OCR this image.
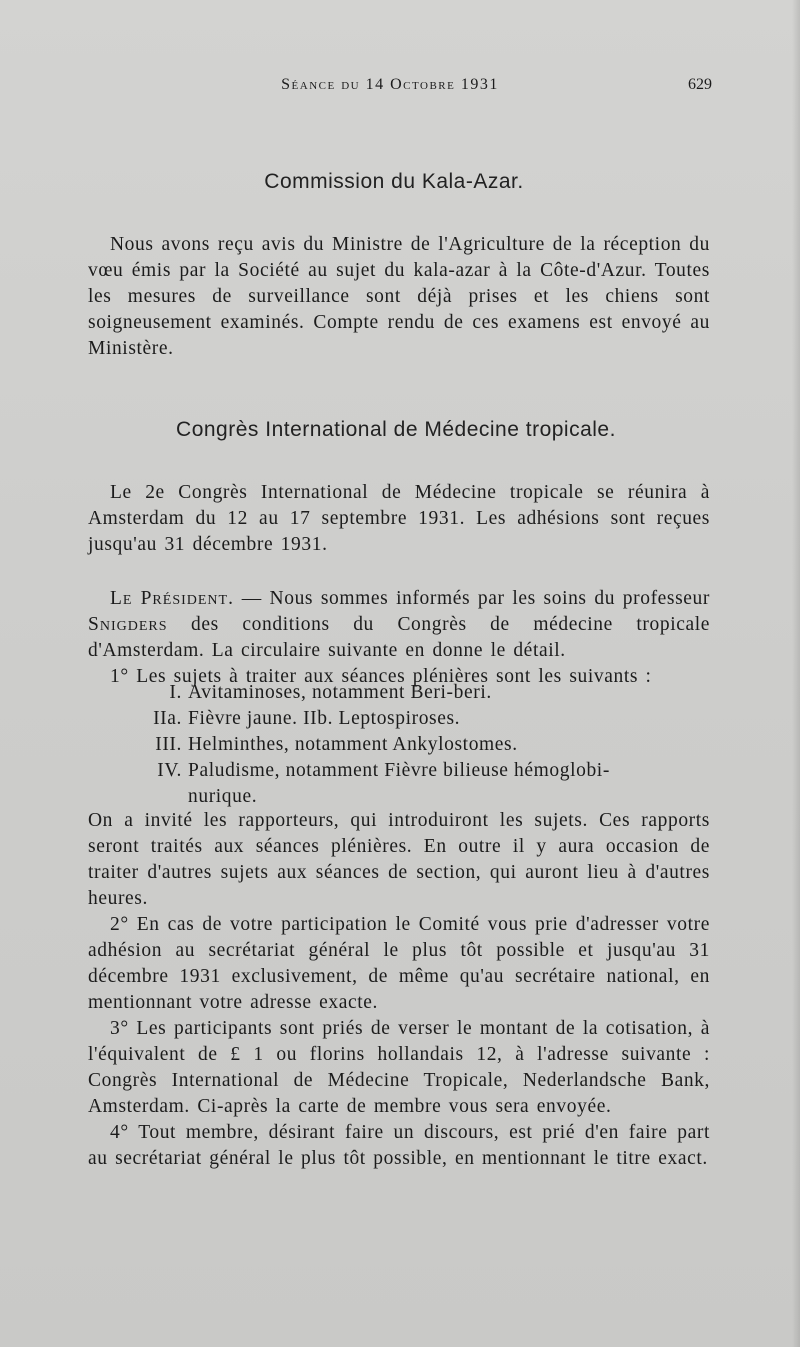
Séance du 14 Octobre 1931	629
Commission du Kala-Azar.

Nous avons reçu avis du Ministre de l'Agriculture de la réception du vœu émis par la Société au sujet du kala-azar à la Côte-d'Azur. Toutes les mesures de surveillance sont déjà prises et les chiens sont soigneusement examinés. Compte rendu de ces examens est envoyé au Ministère.

Congrès International de Médecine tropicale.

Le 2e Congrès International de Médecine tropicale se réunira à Amsterdam du 12 au 17 septembre 1931. Les adhésions sont reçues jusqu'au 31 décembre 1931.

Le Président. — Nous sommes informés par les soins du professeur Snigders des conditions du Congrès de médecine tropicale d'Amsterdam. La circulaire suivante en donne le détail.

1° Les sujets à traiter aux séances plénières sont les suivants :

I. Avitaminoses, notamment Beri-beri.
IIa. Fièvre jaune. IIb. Leptospiroses.
III. Helminthes, notamment Ankylostomes.
IV. Paludisme, notamment Fièvre bilieuse hémoglobi-
nurique.

On a invité les rapporteurs, qui introduiront les sujets. Ces rapports seront traités aux séances plénières. En outre il y aura occasion de traiter d'autres sujets aux séances de section, qui auront lieu à d'autres heures.

2° En cas de votre participation le Comité vous prie d'adresser votre adhésion au secrétariat général le plus tôt possible et jusqu'au 31 décembre 1931 exclusivement, de même qu'au secrétaire national, en mentionnant votre adresse exacte.

3° Les participants sont priés de verser le montant de la cotisation, à l'équivalent de £ 1 ou florins hollandais 12, à l'adresse suivante : Congrès International de Médecine Tropicale, Nederlandsche Bank, Amsterdam. Ci-après la carte de membre vous sera envoyée.

4° Tout membre, désirant faire un discours, est prié d'en faire part au secrétariat général le plus tôt possible, en mentionnant le titre exact.
